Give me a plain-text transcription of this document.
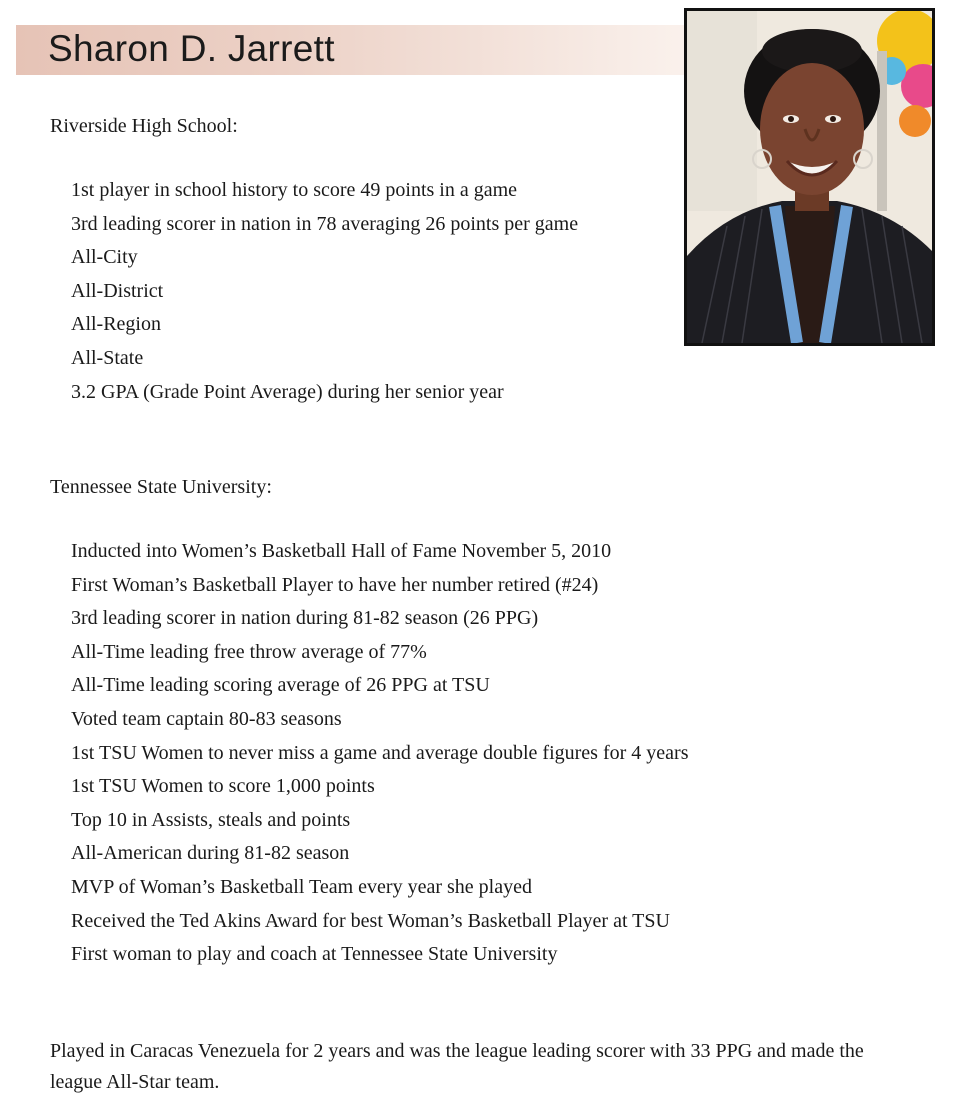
Sharon D. Jarrett
Riverside High School:
1st player in school history to score 49 points in a game
3rd leading scorer in nation in 78 averaging 26 points per game
All-City
All-District
All-Region
All-State
3.2 GPA (Grade Point Average) during her senior year
Tennessee State University:
Inducted into Women’s Basketball Hall of Fame November 5, 2010
First Woman’s Basketball Player to have her number retired (#24)
3rd leading scorer in nation during 81-82 season (26 PPG)
All-Time leading free throw average of 77%
All-Time leading scoring average of 26 PPG at TSU
Voted team captain 80-83 seasons
1st TSU Women to never miss a game and average double figures for 4 years
1st TSU Women to score 1,000 points
Top 10 in Assists, steals and points
All-American during 81-82 season
MVP of Woman’s Basketball Team every year she played
Received the Ted Akins Award for best Woman’s Basketball Player at TSU
First woman to play and coach at Tennessee State University

Played in Caracas Venezuela for 2 years and was the league leading scorer with 33 PPG and made the league All-Star team.
